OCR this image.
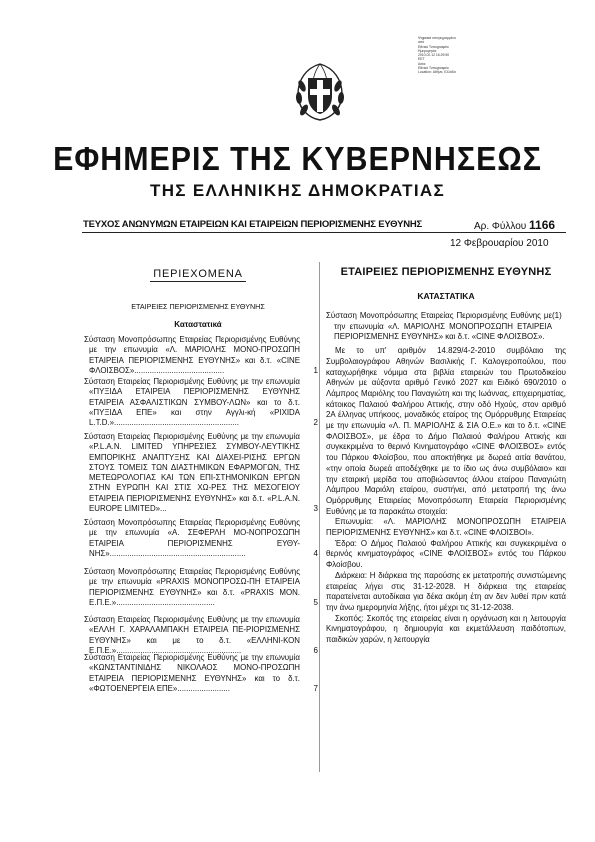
Ψηφιακά υπογεγραμμένο
από
Εθνικό Τυπογραφείο
Ημερομηνία:
2010.02.12 16:29:50
EET
Αιτία:
Εθνικό Τυπογραφείο
Location: Αθήνα, Ελλάδα
ΕΦΗΜΕΡΙΣ ΤΗΣ ΚΥΒΕΡΝΗΣΕΩΣ
ΤΗΣ ΕΛΛΗΝΙΚΗΣ ΔΗΜΟΚΡΑΤΙΑΣ
ΤΕΥΧΟΣ ΑΝΩΝΥΜΩΝ ΕΤΑΙΡΕΙΩΝ ΚΑΙ ΕΤΑΙΡΕΙΩΝ ΠΕΡΙΟΡΙΣΜΕΝΗΣ ΕΥΘΥΝΗΣ	Αρ. Φύλλου 1166
12 Φεβρουαρίου 2010
ΠΕΡΙΕΧΟΜΕΝΑ
ΕΤΑΙΡΕΙΕΣ ΠΕΡΙΟΡΙΣΜΕΝΗΣ ΕΥΘΥΝΗΣ
Καταστατικά
Σύσταση Μονοπρόσωπης Εταιρείας Περιορισμένης Ευθύνης με την επωνυμία «Λ. ΜΑΡΙΟΛΗΣ ΜΟΝΟ-ΠΡΟΣΩΠΗ ΕΤΑΙΡΕΙΑ ΠΕΡΙΟΡΙΣΜΕΝΗΣ ΕΥΘΥΝΗΣ» και δ.τ. «CINE ΦΛΟΙΣΒΟΣ».........................................	1
Σύσταση Εταιρείας Περιορισμένης Ευθύνης με την επωνυμία «ΠΥΞΙΔΑ ΕΤΑΙΡΕΙΑ ΠΕΡΙΟΡΙΣΜΕΝΗΣ ΕΥΘΥΝΗΣ ΕΤΑΙΡΕΙΑ ΑΣΦΑΛΙΣΤΙΚΩΝ ΣΥΜΒΟΥ-ΛΩΝ» και το δ.τ. «ΠΥΞΙΔΑ ΕΠΕ» και στην Αγγλι-κή «PIXIDA L.T.D.».........................................................	2
Σύσταση Εταιρείας Περιορισμένης Ευθύνης με την επωνυμία «P.L.A.N. LIMITED ΥΠΗΡΕΣΙΕΣ ΣΥΜΒΟΥ-ΛΕΥΤΙΚΗΣ ΕΜΠΟΡΙΚΗΣ ΑΝΑΠΤΥΞΗΣ ΚΑΙ ΔΙΑΧΕΙ-ΡΙΣΗΣ ΕΡΓΩΝ ΣΤΟΥΣ ΤΟΜΕΙΣ ΤΩΝ ΔΙΑΣΤΗΜΙΚΩΝ ΕΦΑΡΜΟΓΩΝ, ΤΗΣ ΜΕΤΕΩΡΟΛΟΓΙΑΣ ΚΑΙ ΤΩΝ ΕΠΙ-ΣΤΗΜΟΝΙΚΩΝ ΕΡΓΩΝ ΣΤΗΝ ΕΥΡΩΠΗ ΚΑΙ ΣΤΙΣ ΧΩ-ΡΕΣ ΤΗΣ ΜΕΣΟΓΕΙΟΥ ΕΤΑΙΡΕΙΑ ΠΕΡΙΟΡΙΣΜΕΝΗΣ ΕΥΘΥΝΗΣ» και δ.τ. «P.L.A.N. EUROPE LIMITED»...	3
Σύσταση Μονοπρόσωπης Εταιρείας Περιορισμένης Ευθύνης με την επωνυμία «Α. ΣΕΦΕΡΛΗ ΜΟ-ΝΟΠΡΟΣΩΠΗ ΕΤΑΙΡΕΙΑ ΠΕΡΙΟΡΙΣΜΕΝΗΣ ΕΥΘΥ-ΝΗΣ»..............................................................	4
Σύσταση Μονοπρόσωπης Εταιρείας Περιορισμένης Ευθύνης με την επωνυμία «PRAXIS ΜΟΝΟΠΡΟΣΩ-ΠΗ ΕΤΑΙΡΕΙΑ ΠΕΡΙΟΡΙΣΜΕΝΗΣ ΕΥΘΥΝΗΣ» και δ.τ. «PRAXIS MON. Ε.Π.Ε.».............................................	5
Σύσταση Εταιρείας Περιορισμένης Ευθύνης με την επωνυμία «ΕΛΛΗ Γ. ΧΑΡΑΛΑΜΠΑΚΗ ΕΤΑΙΡΕΙΑ ΠΕ-ΡΙΟΡΙΣΜΕΝΗΣ ΕΥΘΥΝΗΣ» και με το δ.τ. «ΕΛΛΗΝΙ-ΚΟΝ Ε.Π.Ε.».........................................................	6
Σύσταση Εταιρείας Περιορισμένης Ευθύνης με την επωνυμία «ΚΩΝΣΤΑΝΤΙΝΙΔΗΣ ΝΙΚΟΛΑΟΣ ΜΟΝΟ-ΠΡΟΣΩΠΗ ΕΤΑΙΡΕΙΑ ΠΕΡΙΟΡΙΣΜΕΝΗΣ ΕΥΘΥΝΗΣ» και το δ.τ. «ΦΩΤΟΕΝΕΡΓΕΙΑ ΕΠΕ»........................	7
ΕΤΑΙΡΕΙΕΣ ΠΕΡΙΟΡΙΣΜΕΝΗΣ ΕΥΘΥΝΗΣ
ΚΑΤΑΣΤΑΤΙΚΑ
(1)

Σύσταση Μονοπρόσωπης Εταιρείας Περιορισμένης Ευθύνης με την επωνυμία «Λ. ΜΑΡΙΟΛΗΣ ΜΟΝΟΠΡΟΣΩΠΗ ΕΤΑΙΡΕΙΑ ΠΕΡΙΟΡΙΣΜΕΝΗΣ ΕΥΘΥΝΗΣ» και δ.τ. «CINE ΦΛΟΙΣΒΟΣ».

Με το υπ' αριθμόν 14.829/4-2-2010 συμβόλαιο της Συμβολαιογράφου Αθηνών Βασιλικής Γ. Καλογεροπούλου, που καταχωρήθηκε νόμιμα στα βιβλία εταιρειών του Πρωτοδικείου Αθηνών με αύξοντα αριθμό Γενικό 2027 και Ειδικό 690/2010 ο Λάμπρος Μαριόλης του Παναγιώτη και της Ιωάννας, επιχειρηματίας, κάτοικος Παλαιού Φαλήρου Αττικής, στην οδό Ηχούς, στον αριθμό 2Α έλληνας υπήκοος, μοναδικός εταίρος της Ομόρρυθμης Εταιρείας με την επωνυμία «Λ. Π. ΜΑΡΙΟΛΗΣ & ΣΙΑ Ο.Ε.» και το δ.τ. «CINE ΦΛΟΙΣΒΟΣ», με έδρα το Δήμο Παλαιού Φαλήρου Αττικής και συγκεκριμένα το θερινό Κινηματογράφο «CINE ΦΛΟΙΣΒΟΣ» εντός του Πάρκου Φλοίσβου, που αποκτήθηκε με δωρεά αιτία θανάτου, «την οποία δωρεά αποδέχθηκε με το ίδιο ως άνω συμβόλαιο» και την εταιρική μερίδα του αποβιώσαντος άλλου εταίρου Παναγιώτη Λάμπρου Μαριόλη εταίρου, συστήνει, από μετατροπή της άνω Ομόρρυθμης Εταιρείας Μονοπρόσωπη Εταιρεία Περιορισμένης Ευθύνης με τα παρακάτω στοιχεία:

Επωνυμία: «Λ. ΜΑΡΙΟΛΗΣ ΜΟΝΟΠΡΟΣΩΠΗ ΕΤΑΙΡΕΙΑ ΠΕΡΙΟΡΙΣΜΕΝΗΣ ΕΥΘΥΝΗΣ» και δ.τ. «CINE ΦΛΟΙΣΒΟΙ».

Έδρα: Ο Δήμος Παλαιού Φαλήρου Αττικής και συγκεκριμένα ο θερινός κινηματογράφος «CINE ΦΛΟΙΣΒΟΣ» εντός του Πάρκου Φλοίσβου.

Διάρκεια: Η διάρκεια της παρούσης εκ μετατροπής συνιστώμενης εταιρείας λήγει στις 31-12-2028. Η διάρκεια της εταιρείας παρατείνεται αυτοδίκαια για δέκα ακόμη έτη αν δεν λυθεί πριν κατά την άνω ημερομηνία λήξης, ήτοι μέχρι τις 31-12-2038.

Σκοπός: Σκοπός της εταιρείας είναι η οργάνωση και η λειτουργία Κινηματογράφου, η δημιουργία και εκμετάλλευση παιδότοπων, παιδικών χαρών, η λειτουργία
